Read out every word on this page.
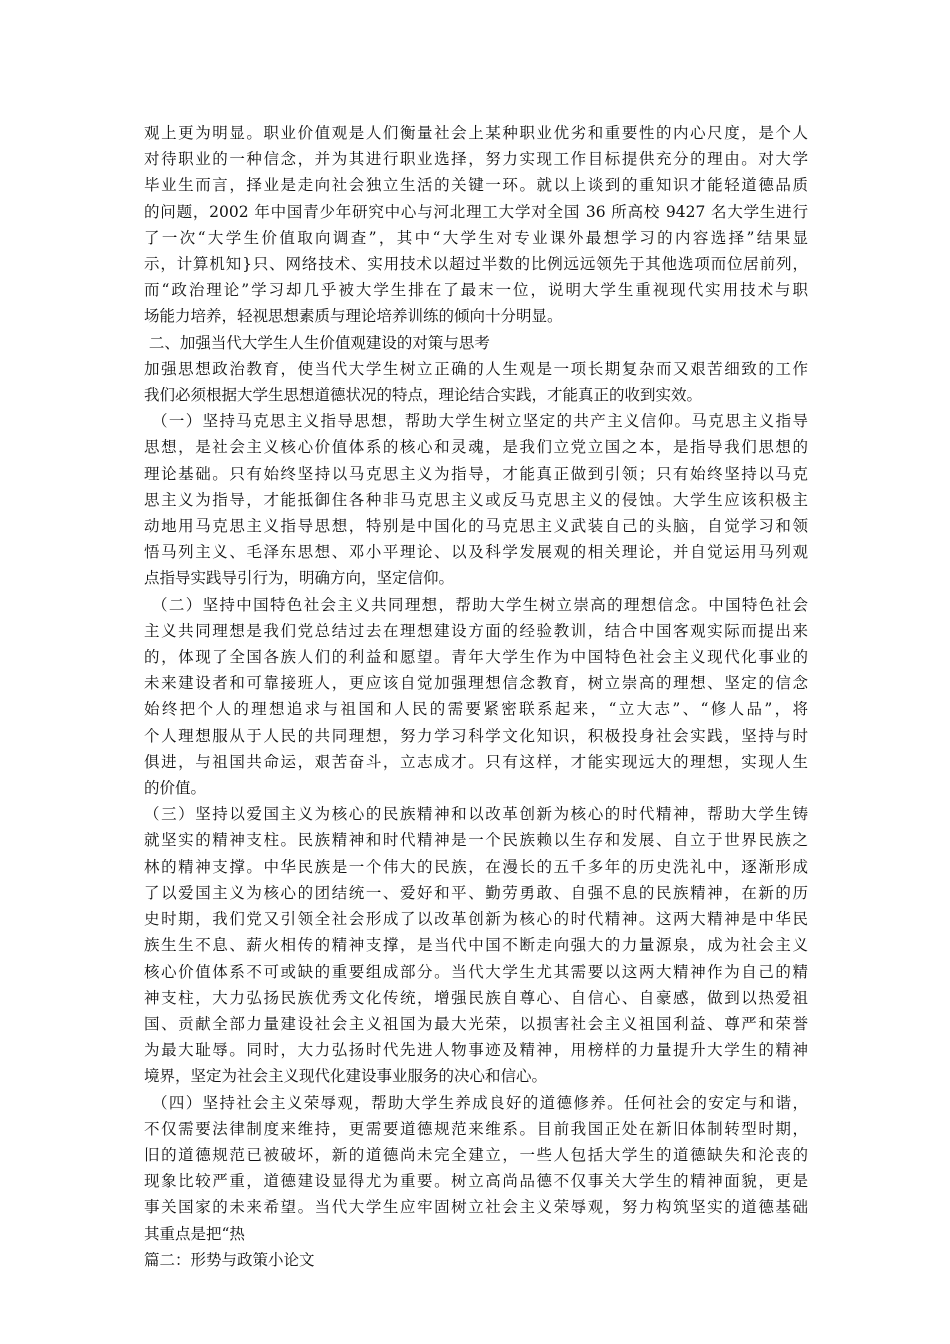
观上更为明显。职业价值观是人们衡量社会上某种职业优劣和重要性的内心尺度，是个人
对待职业的一种信念，并为其进行职业选择，努力实现工作目标提供充分的理由。对大学
毕业生而言，择业是走向社会独立生活的关键一环。就以上谈到的重知识才能轻道德品质
的问题，2002 年中国青少年研究中心与河北理工大学对全国 36 所高校 9427 名大学生进行
了一次“大学生价值取向调查”，其中“大学生对专业课外最想学习的内容选择”结果显
示，计算机知}只、网络技术、实用技术以超过半数的比例远远领先于其他选项而位居前列，
而“政治理论”学习却几乎被大学生排在了最末一位，说明大学生重视现代实用技术与职
场能力培养，轻视思想素质与理论培养训练的倾向十分明显。
二、加强当代大学生人生价值观建设的对策与思考
加强思想政治教育，使当代大学生树立正确的人生观是一项长期复杂而又艰苦细致的工作
我们必须根据大学生思想道德状况的特点，理论结合实践，才能真正的收到实效。
（一）坚持马克思主义指导思想，帮助大学生树立坚定的共产主义信仰。马克思主义指导
思想，是社会主义核心价值体系的核心和灵魂，是我们立党立国之本，是指导我们思想的
理论基础。只有始终坚持以马克思主义为指导，才能真正做到引领；只有始终坚持以马克
思主义为指导，才能抵御住各种非马克思主义或反马克思主义的侵蚀。大学生应该积极主
动地用马克思主义指导思想，特别是中国化的马克思主义武装自己的头脑，自觉学习和领
悟马列主义、毛泽东思想、邓小平理论、以及科学发展观的相关理论，并自觉运用马列观
点指导实践导引行为，明确方向，坚定信仰。
（二）坚持中国特色社会主义共同理想，帮助大学生树立崇高的理想信念。中国特色社会
主义共同理想是我们党总结过去在理想建设方面的经验教训，结合中国客观实际而提出来
的，体现了全国各族人们的利益和愿望。青年大学生作为中国特色社会主义现代化事业的
未来建设者和可靠接班人，更应该自觉加强理想信念教育，树立崇高的理想、坚定的信念
始终把个人的理想追求与祖国和人民的需要紧密联系起来，“立大志”、“修人品”，将
个人理想服从于人民的共同理想，努力学习科学文化知识，积极投身社会实践，坚持与时
俱进，与祖国共命运，艰苦奋斗，立志成才。只有这样，才能实现远大的理想，实现人生
的价值。
（三）坚持以爱国主义为核心的民族精神和以改革创新为核心的时代精神，帮助大学生铸
就坚实的精神支柱。民族精神和时代精神是一个民族赖以生存和发展、自立于世界民族之
林的精神支撑。中华民族是一个伟大的民族，在漫长的五千多年的历史洗礼中，逐渐形成
了以爱国主义为核心的团结统一、爱好和平、勤劳勇敢、自强不息的民族精神，在新的历
史时期，我们党又引领全社会形成了以改革创新为核心的时代精神。这两大精神是中华民
族生生不息、薪火相传的精神支撑，是当代中国不断走向强大的力量源泉，成为社会主义
核心价值体系不可或缺的重要组成部分。当代大学生尤其需要以这两大精神作为自己的精
神支柱，大力弘扬民族优秀文化传统，增强民族自尊心、自信心、自豪感，做到以热爱祖
国、贡献全部力量建设社会主义祖国为最大光荣，以损害社会主义祖国利益、尊严和荣誉
为最大耻辱。同时，大力弘扬时代先进人物事迹及精神，用榜样的力量提升大学生的精神
境界，坚定为社会主义现代化建设事业服务的决心和信心。
（四）坚持社会主义荣辱观，帮助大学生养成良好的道德修养。任何社会的安定与和谐，
不仅需要法律制度来维持，更需要道德规范来维系。目前我国正处在新旧体制转型时期，
旧的道德规范已被破坏，新的道德尚未完全建立，一些人包括大学生的道德缺失和沦丧的
现象比较严重，道德建设显得尤为重要。树立高尚品德不仅事关大学生的精神面貌，更是
事关国家的未来希望。当代大学生应牢固树立社会主义荣辱观，努力构筑坚实的道德基础
其重点是把“热
篇二：形势与政策小论文
